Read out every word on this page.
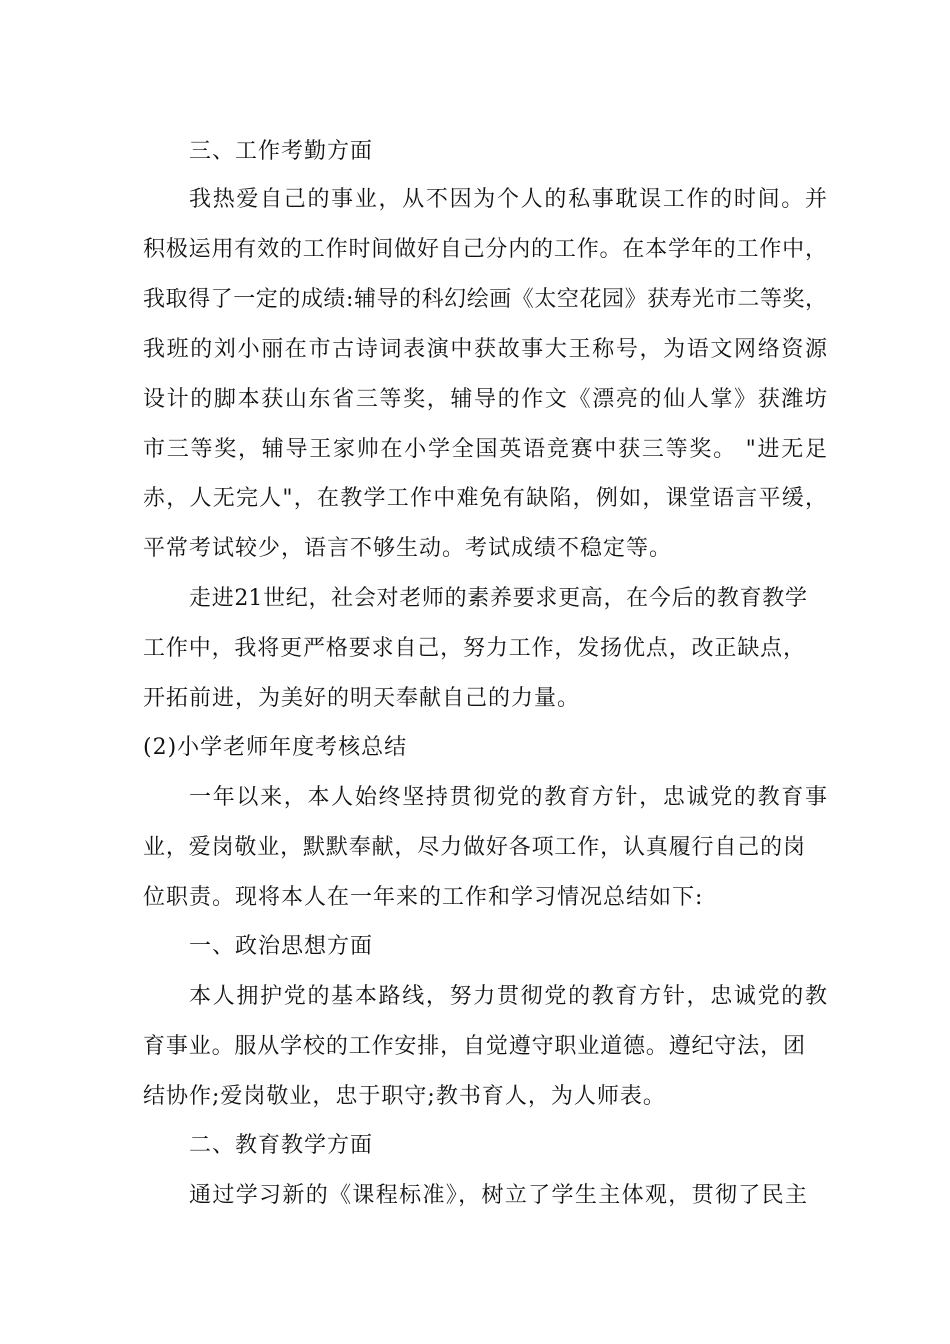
三、工作考勤方面
我热爱自己的事业，从不因为个人的私事耽误工作的时间。并
积极运用有效的工作时间做好自己分内的工作。在本学年的工作中，
我取得了一定的成绩:辅导的科幻绘画《太空花园》获寿光市二等奖，
我班的刘小丽在市古诗词表演中获故事大王称号，为语文网络资源
设计的脚本获山东省三等奖，辅导的作文《漂亮的仙人掌》获潍坊
市三等奖，辅导王家帅在小学全国英语竞赛中获三等奖。 "进无足
赤，人无完人"，在教学工作中难免有缺陷，例如，课堂语言平缓，
平常考试较少，语言不够生动。考试成绩不稳定等。
走进21世纪，社会对老师的素养要求更高，在今后的教育教学
工作中，我将更严格要求自己，努力工作，发扬优点，改正缺点，
开拓前进，为美好的明天奉献自己的力量。
(2)小学老师年度考核总结
一年以来，本人始终坚持贯彻党的教育方针，忠诚党的教育事
业，爱岗敬业，默默奉献，尽力做好各项工作，认真履行自己的岗
位职责。现将本人在一年来的工作和学习情况总结如下:
一、政治思想方面
本人拥护党的基本路线，努力贯彻党的教育方针，忠诚党的教
育事业。服从学校的工作安排，自觉遵守职业道德。遵纪守法，团
结协作;爱岗敬业，忠于职守;教书育人，为人师表。
二、教育教学方面
通过学习新的《课程标准》，树立了学生主体观，贯彻了民主
